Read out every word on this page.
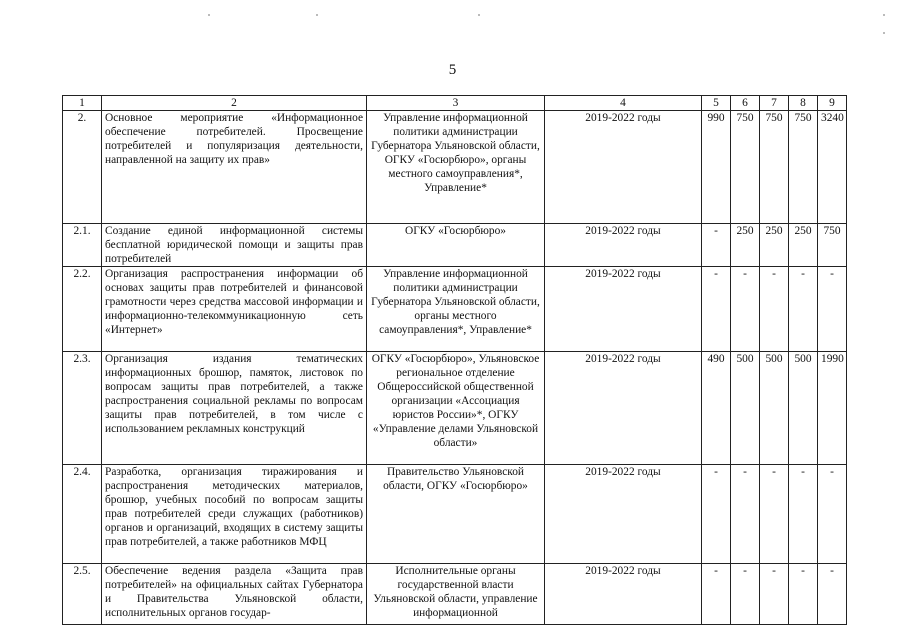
5
1	2	3	4	5	6	7	8	9
2.	Основное мероприятие «Информационное обеспечение потребителей. Просвещение потребителей и популяризация деятельности, направленной на защиту их прав»	Управление информационной политики администрации Губернатора Ульяновской области, ОГКУ «Госюрбюро», органы местного самоуправления*, Управление*	2019-2022 годы	990	750	750	750	3240
2.1.	Создание единой информационной системы бесплатной юридической помощи и защиты прав потребителей	ОГКУ «Госюрбюро»	2019-2022 годы	-	250	250	250	750
2.2.	Организация распространения информации об основах защиты прав потребителей и финансовой грамотности через средства массовой информации и информационно-телекоммуникационную сеть «Интернет»	Управление информационной политики администрации Губернатора Ульяновской области, органы местного самоуправления*, Управление*	2019-2022 годы	-	-	-	-	-
2.3.	Организация издания тематических информационных брошюр, памяток, листовок по вопросам защиты прав потребителей, а также распространения социальной рекламы по вопросам защиты прав потребителей, в том числе с использованием рекламных конструкций	ОГКУ «Госюрбюро», Ульяновское региональное отделение Общероссийской общественной организации «Ассоциация юристов России»*, ОГКУ «Управление делами Ульяновской области»	2019-2022 годы	490	500	500	500	1990
2.4.	Разработка, организация тиражирования и распространения методических материалов, брошюр, учебных пособий по вопросам защиты прав потребителей среди служащих (работников) органов и организаций, входящих в систему защиты прав потребителей, а также работников МФЦ	Правительство Ульяновской области, ОГКУ «Госюрбюро»	2019-2022 годы	-	-	-	-	-
2.5.	Обеспечение ведения раздела «Защита прав потребителей» на официальных сайтах Губернатора и Правительства Ульяновской области, исполнительных органов государ-	Исполнительные органы государственной власти Ульяновской области, управление информационной	2019-2022 годы	-	-	-	-	-
